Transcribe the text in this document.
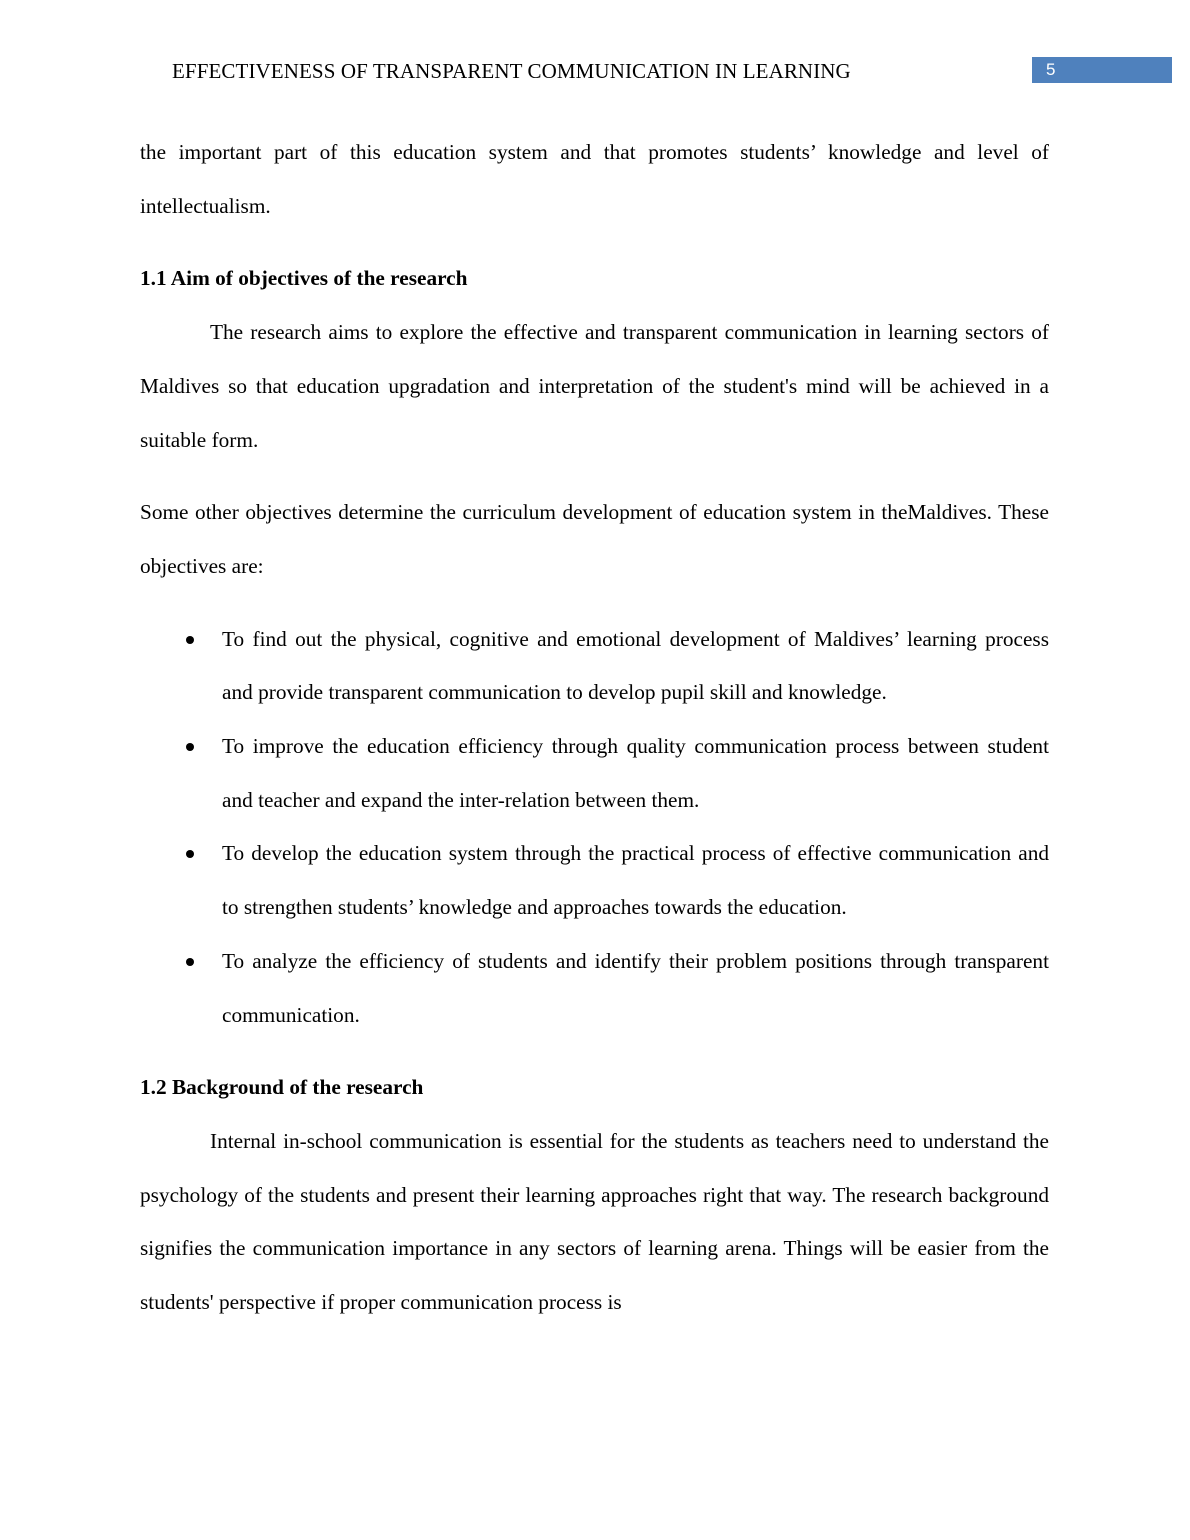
EFFECTIVENESS OF TRANSPARENT COMMUNICATION IN LEARNING	5

the important part of this education system and that promotes students’ knowledge and level of intellectualism.

1.1 Aim of objectives of the research

The research aims to explore the effective and transparent communication in learning sectors of Maldives so that education upgradation and interpretation of the student's mind will be achieved in a suitable form.

Some other objectives determine the curriculum development of education system in theMaldives. These objectives are:

To find out the physical, cognitive and emotional development of Maldives’ learning process and provide transparent communication to develop pupil skill and knowledge.
To improve the education efficiency through quality communication process between student and teacher and expand the inter-relation between them.
To develop the education system through the practical process of effective communication and to strengthen students’ knowledge and approaches towards the education.
To analyze the efficiency of students and identify their problem positions through transparent communication.
1.2 Background of the research

Internal in-school communication is essential for the students as teachers need to understand the psychology of the students and present their learning approaches right that way. The research background signifies the communication importance in any sectors of learning arena. Things will be easier from the students' perspective if proper communication process is
